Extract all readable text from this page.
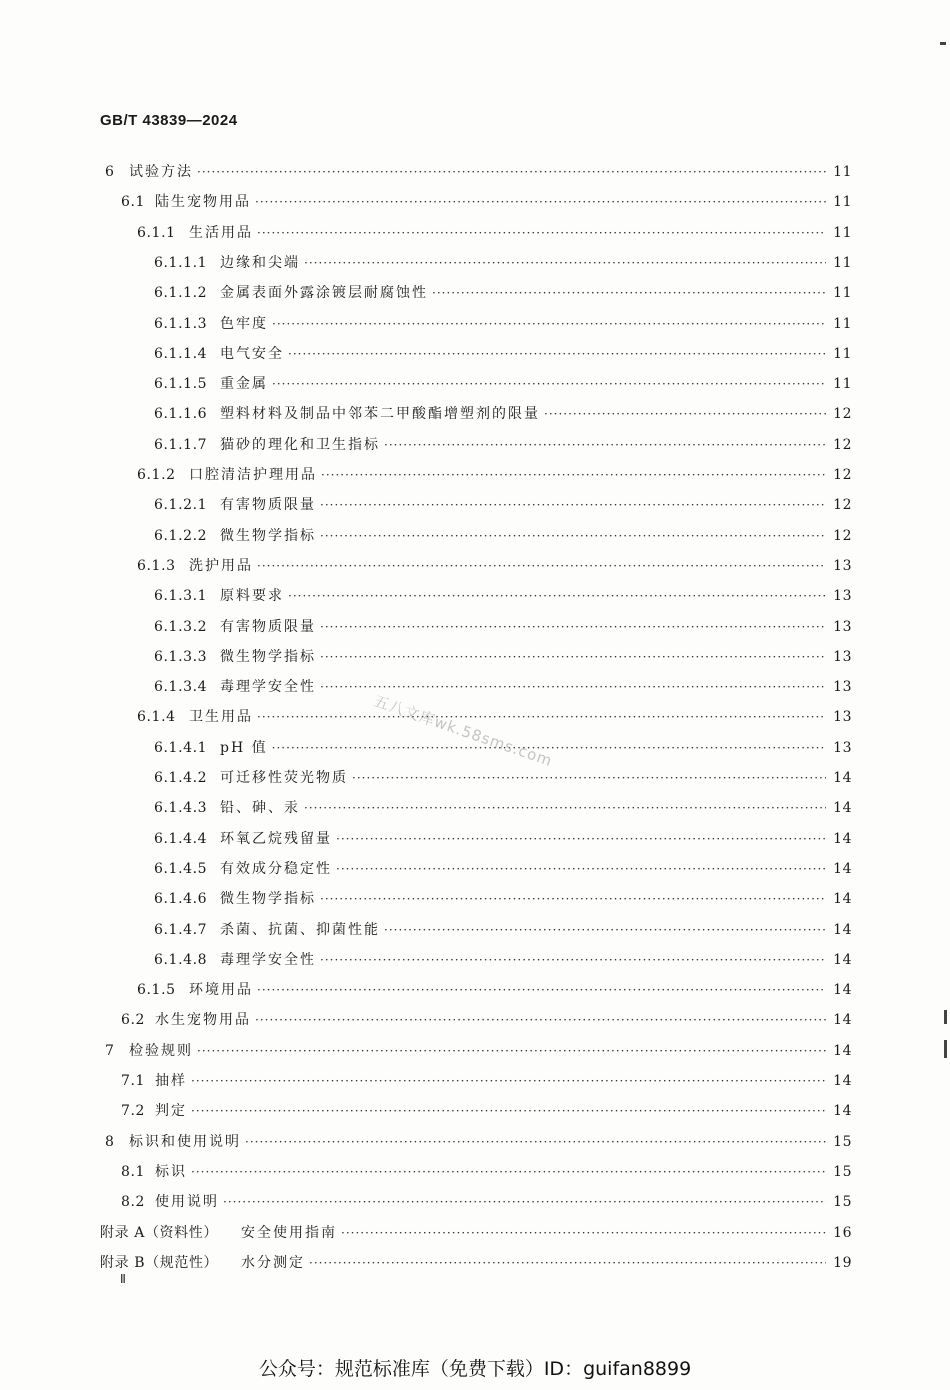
GB/T 43839—2024
6	试验方法 ·····	11
6.1 陆生宠物用品 ·····	11
6.1.1 生活用品 ·····	11
6.1.1.1 边缘和尖端 ·····	11
6.1.1.2 金属表面外露涂镀层耐腐蚀性 ·····	11
6.1.1.3 色牢度 ·····	11
6.1.1.4 电气安全 ·····	11
6.1.1.5 重金属 ·····	11
6.1.1.6 塑料材料及制品中邻苯二甲酸酯增塑剂的限量 ·····	12
6.1.1.7 猫砂的理化和卫生指标 ·····	12
6.1.2 口腔清洁护理用品 ·····	12
6.1.2.1 有害物质限量 ·····	12
6.1.2.2 微生物学指标 ·····	12
6.1.3 洗护用品 ·····	13
6.1.3.1 原料要求 ·····	13
6.1.3.2 有害物质限量 ·····	13
6.1.3.3 微生物学指标 ·····	13
6.1.3.4 毒理学安全性 ·····	13
6.1.4 卫生用品 ·····	13
6.1.4.1 pH 值 ·····	13
6.1.4.2 可迁移性荧光物质 ·····	14
6.1.4.3 铅、砷、汞 ·····	14
6.1.4.4 环氧乙烷残留量 ·····	14
6.1.4.5 有效成分稳定性 ·····	14
6.1.4.6 微生物学指标 ·····	14
6.1.4.7 杀菌、抗菌、抑菌性能 ·····	14
6.1.4.8 毒理学安全性 ·····	14
6.1.5 环境用品 ·····	14
6.2 水生宠物用品 ·····	14
7	检验规则 ·····	14
7.1 抽样 ·····	14
7.2 判定 ·····	14
8	标识和使用说明 ·····	15
8.1 标识 ·····	15
8.2 使用说明 ·····	15
附录 A（资料性）	安全使用指南 ·····	16
附录 B（规范性）	水分测定 ·····	19
五八文库wk.58sms.com
Ⅱ
公众号：规范标准库（免费下载）ID：guifan8899
